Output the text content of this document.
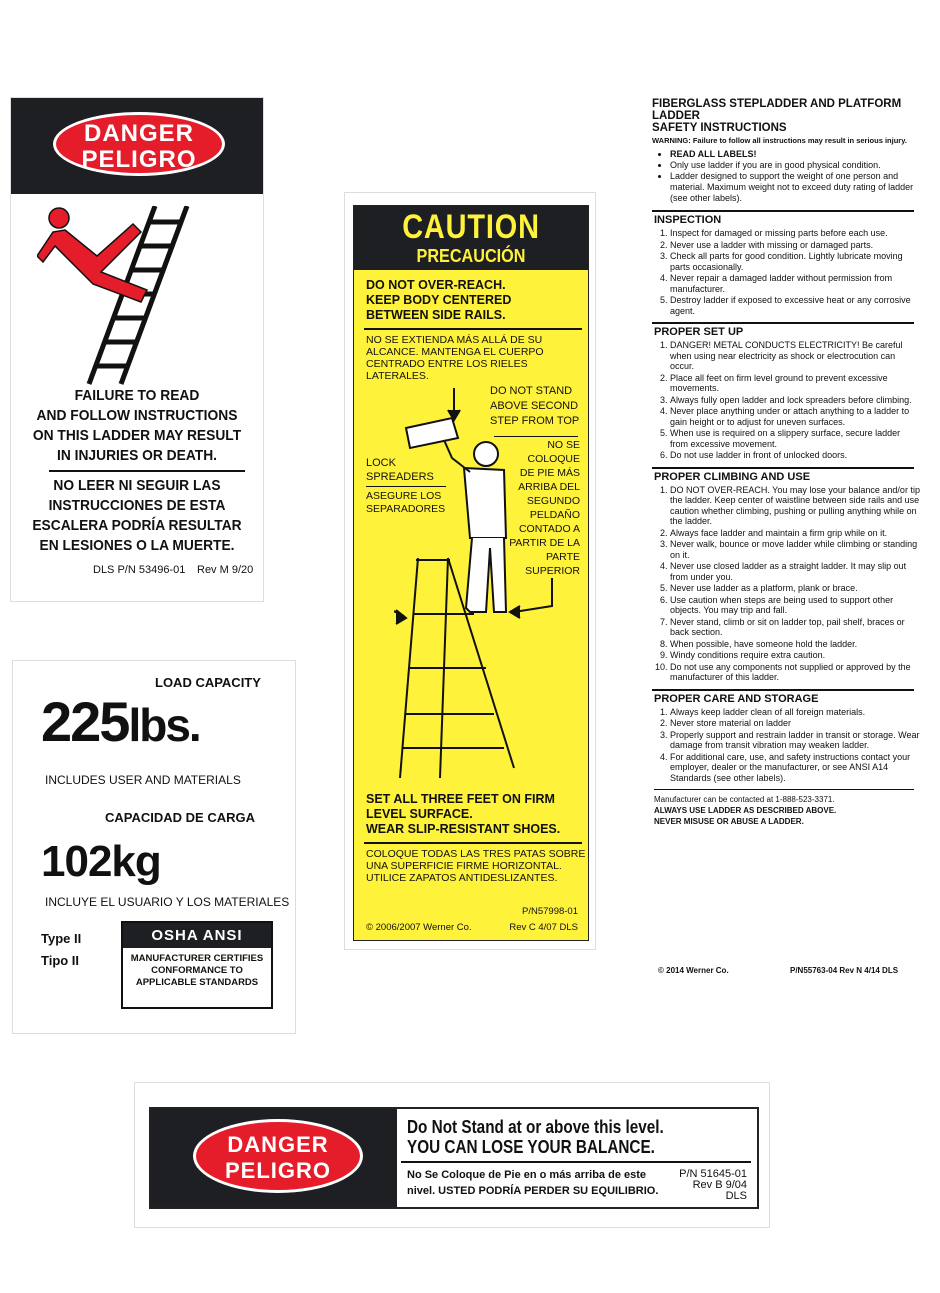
DANGER
PELIGRO
FAILURE TO READ
AND FOLLOW INSTRUCTIONS
ON THIS LADDER MAY RESULT
IN INJURIES OR DEATH.
NO LEER NI SEGUIR LAS
INSTRUCCIONES DE ESTA
ESCALERA PODRÍA RESULTAR
EN LESIONES O LA MUERTE.
DLS P/N 53496-01 Rev M 9/20
LOAD CAPACITY
225lbs.
INCLUDES USER AND MATERIALS
CAPACIDAD DE CARGA
102kg
INCLUYE EL USUARIO Y LOS MATERIALES
Type II
Tipo II
OSHA ANSI
MANUFACTURER CERTIFIES
CONFORMANCE TO
APPLICABLE STANDARDS
CAUTION
PRECAUCIÓN
DO NOT OVER-REACH.
KEEP BODY CENTERED
BETWEEN SIDE RAILS.
NO SE EXTIENDA MÁS ALLÁ DE SU
ALCANCE. MANTENGA EL CUERPO
CENTRADO ENTRE LOS RIELES
LATERALES.
DO NOT STAND
ABOVE SECOND
STEP FROM TOP
NO SE COLOQUE
DE PIE MÁS
ARRIBA DEL
SEGUNDO
PELDAÑO
CONTADO A
PARTIR DE LA
PARTE
SUPERIOR
LOCK
SPREADERS
ASEGURE LOS
SEPARADORES
SET ALL THREE FEET ON FIRM
LEVEL SURFACE.
WEAR SLIP-RESISTANT SHOES.
COLOQUE TODAS LAS TRES PATAS SOBRE
UNA SUPERFICIE FIRME HORIZONTAL.
UTILICE ZAPATOS ANTIDESLIZANTES.
P/N57998-01
© 2006/2007 Werner Co.	Rev C 4/07 DLS
FIBERGLASS STEPLADDER AND PLATFORM LADDER
SAFETY INSTRUCTIONS
WARNING: Failure to follow all instructions may result in serious injury.
• READ ALL LABELS!
• Only use ladder if you are in good physical condition.
• Ladder designed to support the weight of one person and material. Maximum weight not to exceed duty rating of ladder (see other labels).
INSPECTION
1. Inspect for damaged or missing parts before each use.
2. Never use a ladder with missing or damaged parts.
3. Check all parts for good condition. Lightly lubricate moving parts occasionally.
4. Never repair a damaged ladder without permission from manufacturer.
5. Destroy ladder if exposed to excessive heat or any corrosive agent.
PROPER SET UP
1. DANGER! METAL CONDUCTS ELECTRICITY! Be careful when using near electricity as shock or electrocution can occur.
2. Place all feet on firm level ground to prevent excessive movements.
3. Always fully open ladder and lock spreaders before climbing.
4. Never place anything under or attach anything to a ladder to gain height or to adjust for uneven surfaces.
5. When use is required on a slippery surface, secure ladder from excessive movement.
6. Do not use ladder in front of unlocked doors.
PROPER CLIMBING AND USE
1. DO NOT OVER-REACH. You may lose your balance and/or tip the ladder. Keep center of waistline between side rails and use caution whether climbing, pushing or pulling anything while on the ladder.
2. Always face ladder and maintain a firm grip while on it.
3. Never walk, bounce or move ladder while climbing or standing on it.
4. Never use closed ladder as a straight ladder. It may slip out from under you.
5. Never use ladder as a platform, plank or brace.
6. Use caution when steps are being used to support other objects. You may trip and fall.
7. Never stand, climb or sit on ladder top, pail shelf, braces or back section.
8. When possible, have someone hold the ladder.
9. Windy conditions require extra caution.
10. Do not use any components not supplied or approved by the manufacturer of this ladder.
PROPER CARE AND STORAGE
1. Always keep ladder clean of all foreign materials.
2. Never store material on ladder
3. Properly support and restrain ladder in transit or storage. Wear damage from transit vibration may weaken ladder.
4. For additional care, use, and safety instructions contact your employer, dealer or the manufacturer, or see ANSI A14 Standards (see other labels).
Manufacturer can be contacted at 1-888-523-3371.
ALWAYS USE LADDER AS DESCRIBED ABOVE.
NEVER MISUSE OR ABUSE A LADDER.
© 2014 Werner Co.	P/N55763-04 Rev N 4/14 DLS
DANGER
PELIGRO
Do Not Stand at or above this level.
YOU CAN LOSE YOUR BALANCE.
No Se Coloque de Pie en o más arriba de este
nivel. USTED PODRÍA PERDER SU EQUILIBRIO.
P/N 51645-01
Rev B 9/04
DLS
